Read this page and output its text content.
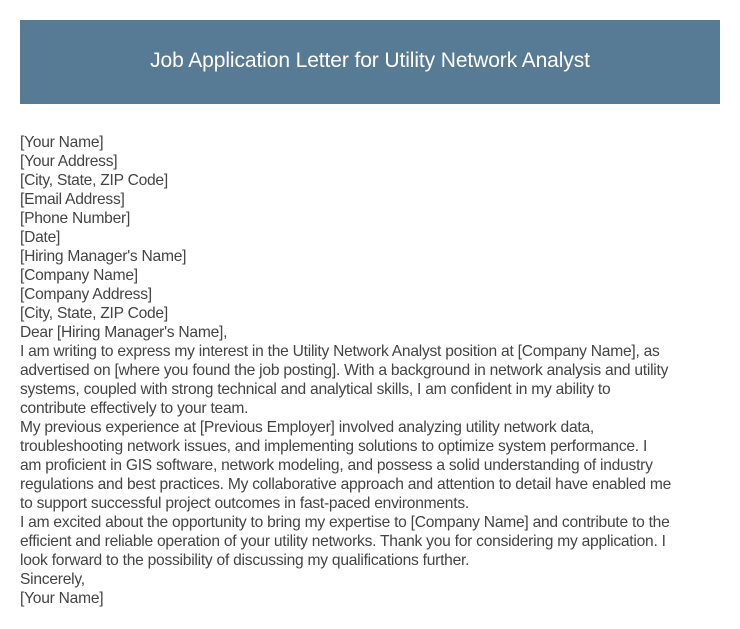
Job Application Letter for Utility Network Analyst
[Your Name]
[Your Address]
[City, State, ZIP Code]
[Email Address]
[Phone Number]
[Date]
[Hiring Manager's Name]
[Company Name]
[Company Address]
[City, State, ZIP Code]
Dear [Hiring Manager's Name],
I am writing to express my interest in the Utility Network Analyst position at [Company Name], as
advertised on [where you found the job posting]. With a background in network analysis and utility
systems, coupled with strong technical and analytical skills, I am confident in my ability to
contribute effectively to your team.
My previous experience at [Previous Employer] involved analyzing utility network data,
troubleshooting network issues, and implementing solutions to optimize system performance. I
am proficient in GIS software, network modeling, and possess a solid understanding of industry
regulations and best practices. My collaborative approach and attention to detail have enabled me
to support successful project outcomes in fast-paced environments.
I am excited about the opportunity to bring my expertise to [Company Name] and contribute to the
efficient and reliable operation of your utility networks. Thank you for considering my application. I
look forward to the possibility of discussing my qualifications further.
Sincerely,
[Your Name]
